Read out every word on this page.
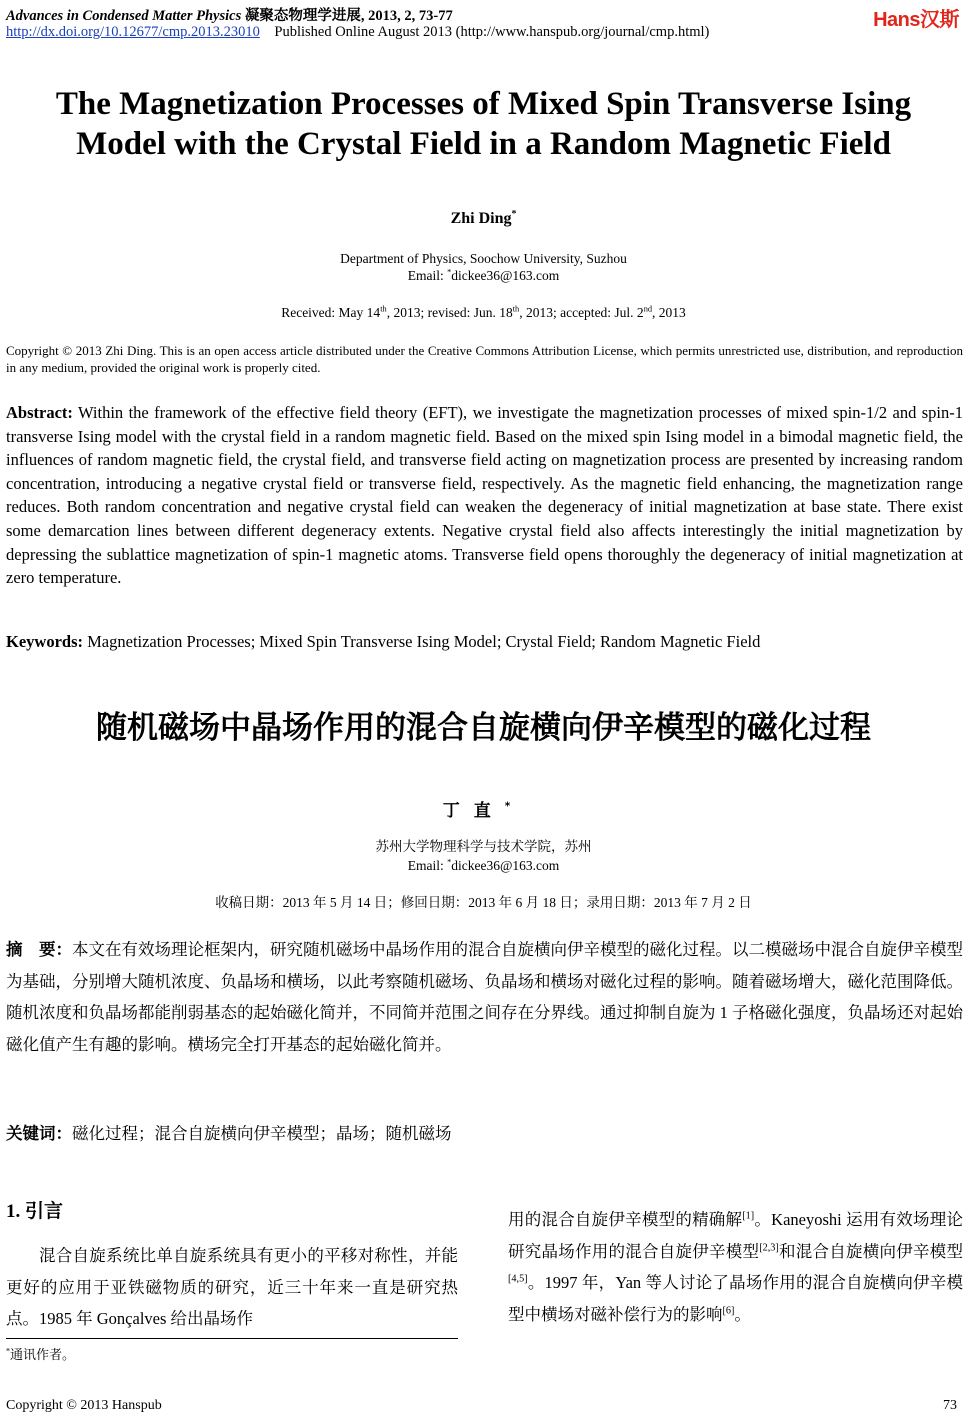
Advances in Condensed Matter Physics 凝聚态物理学进展, 2013, 2, 73-77
http://dx.doi.org/10.12677/cmp.2013.23010 Published Online August 2013 (http://www.hanspub.org/journal/cmp.html)
Hans汉斯
The Magnetization Processes of Mixed Spin Transverse Ising
Model with the Crystal Field in a Random Magnetic Field
Zhi Ding*
Department of Physics, Soochow University, Suzhou
Email: *dickee36@163.com
Received: May 14th, 2013; revised: Jun. 18th, 2013; accepted: Jul. 2nd, 2013
Copyright © 2013 Zhi Ding. This is an open access article distributed under the Creative Commons Attribution License, which permits unrestricted use, distribution, and reproduction in any medium, provided the original work is properly cited.
Abstract: Within the framework of the effective field theory (EFT), we investigate the magnetization processes of mixed spin-1/2 and spin-1 transverse Ising model with the crystal field in a random magnetic field. Based on the mixed spin Ising model in a bimodal magnetic field, the influences of random magnetic field, the crystal field, and transverse field acting on magnetization process are presented by increasing random concentration, introducing a negative crystal field or transverse field, respectively. As the magnetic field enhancing, the magnetization range reduces. Both random concentration and negative crystal field can weaken the degeneracy of initial magnetization at base state. There exist some demarcation lines between different degeneracy extents. Negative crystal field also affects interestingly the initial magnetization by depressing the sublattice magnetization of spin-1 magnetic atoms. Transverse field opens thoroughly the degeneracy of initial magnetization at zero temperature.
Keywords: Magnetization Processes; Mixed Spin Transverse Ising Model; Crystal Field; Random Magnetic Field
随机磁场中晶场作用的混合自旋横向伊辛模型的磁化过程
丁直*
苏州大学物理科学与技术学院，苏州
Email: *dickee36@163.com
收稿日期：2013 年 5 月 14 日；修回日期：2013 年 6 月 18 日；录用日期：2013 年 7 月 2 日
摘　要：本文在有效场理论框架内，研究随机磁场中晶场作用的混合自旋横向伊辛模型的磁化过程。以二模磁场中混合自旋伊辛模型为基础，分别增大随机浓度、负晶场和横场，以此考察随机磁场、负晶场和横场对磁化过程的影响。随着磁场增大，磁化范围降低。随机浓度和负晶场都能削弱基态的起始磁化简并，不同简并范围之间存在分界线。通过抑制自旋为 1 子格磁化强度，负晶场还对起始磁化值产生有趣的影响。横场完全打开基态的起始磁化简并。
关键词：磁化过程；混合自旋横向伊辛模型；晶场；随机磁场
1. 引言
混合自旋系统比单自旋系统具有更小的平移对称性，并能更好的应用于亚铁磁物质的研究，近三十年来一直是研究热点。1985 年 Gonçalves 给出晶场作
用的混合自旋伊辛模型的精确解[1]。Kaneyoshi 运用有效场理论研究晶场作用的混合自旋伊辛模型[2,3]和混合自旋横向伊辛模型[4,5]。1997 年，Yan 等人讨论了晶场作用的混合自旋横向伊辛模型中横场对磁补偿行为的影响[6]。
*通讯作者。
Copyright © 2013 Hanspub	73
